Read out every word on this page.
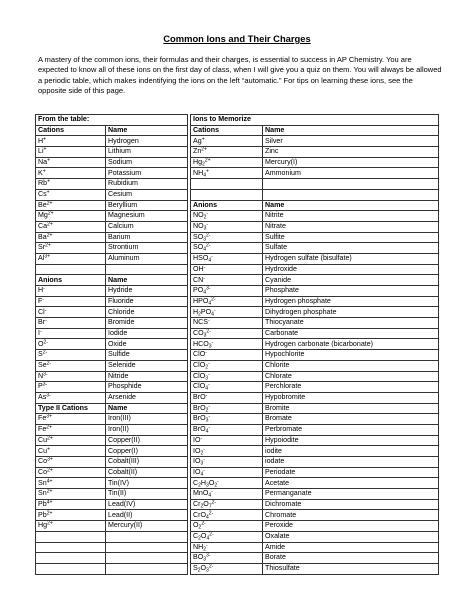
Common Ions and Their Charges

A mastery of the common ions, their formulas and their charges, is essential to success in AP Chemistry. You are expected to know all of these ions on the first day of class, when I will give you a quiz on them. You will always be allowed a periodic table, which makes indentifying the ions on the left “automatic.” For tips on learning these ions, see the opposite side of this page.

From the table:	
Cations	Name
H+	Hydrogen
Li+	Lithium
Na+	Sodium
K+	Potassium
Rb+	Rubidium
Cs+	Cesium
$Be^{2+}$	Beryllium
$Mg^{2+}$	Magnesium
$Ca^{2+}$	Calcium
$Ba^{2+}$	Barium
$Sr^{2+}$	Strontium
$Al^{3+}$	Aluminum

Anions	Name
H-	Hydride
F-	Fluoride
Cl-	Chloride
Br-	Bromide
I-	Iodide
$O^{2-}$	Oxide
$S^{2-}$	Sulfide
$Se^{2-}$	Selenide
$N^{3-}$	Nitride
$P^{3-}$	Phosphide
$As^{3-}$	Arsenide
Type II Cations	Name
$Fe^{3+}$	Iron(III)
$Fe^{2+}$	Iron(II)
$Cu^{2+}$	Copper(II)
Cu+	Copper(I)
$Co^{3+}$	Cobalt(III)
$Co^{2+}$	Cobalt(II)
$Sn^{4+}$	Tin(IV)
$Sn^{2+}$	Tin(II)
$Pb^{4+}$	Lead(IV)
$Pb^{2+}$	Lead(II)
$Hg^{2+}$	Mercury(II)

Ions to Memorize	
Cations	Name
Ag+	Silver
$Zn^{2+}$	Zinc
$Hg_2^{2+}$	Mercury(I)
$NH_4^+$	Ammonium

Anions	Name
$NO_2^-$	Nitrite
$NO_3^-$	Nitrate
$SO_3^{2-}$	Sulfite
$SO_4^{2-}$	Sulfate
$HSO_4^-$	Hydrogen sulfate (bisulfate)
OH-	Hydroxide
CN-	Cyanide
$PO_4^{3-}$	Phosphate
$HPO_4^{2-}$	Hydrogen phosphate
$H_2PO_4^-$	Dihydrogen phosphate
NCS-	Thiocyanate
$CO_3^{2-}$	Carbonate
$HCO_3^-$	Hydrogen carbonate (bicarbonate)
ClO-	Hypochlorite
ClO$_2$-	Chlorite
ClO$_3$-	Chlorate
ClO$_4$-	Perchlorate
BrO-	Hypobromite
BrO$_2$-	Bromite
BrO$_3$-	Bromate
BrO$_4$-	Perbromate
IO-	Hypoiodite
$IO_2^-$	iodite
$IO_3^-$	iodate
$IO_4^-$	Periodate
$C_2H_3O_2^-$	Acetate
MnO$_4$-	Permanganate
$Cr_2O_7^{2-}$	Dichromate
CrO$_4^{2-}$	Chromate
$O_2^{2-}$	Peroxide
$C_2O_4^{2-}$	Oxalate
$NH_2^-$	Amide
$BO_3^{3-}$	Borate
$S_2O_3^{2-}$	Thiosulfate
